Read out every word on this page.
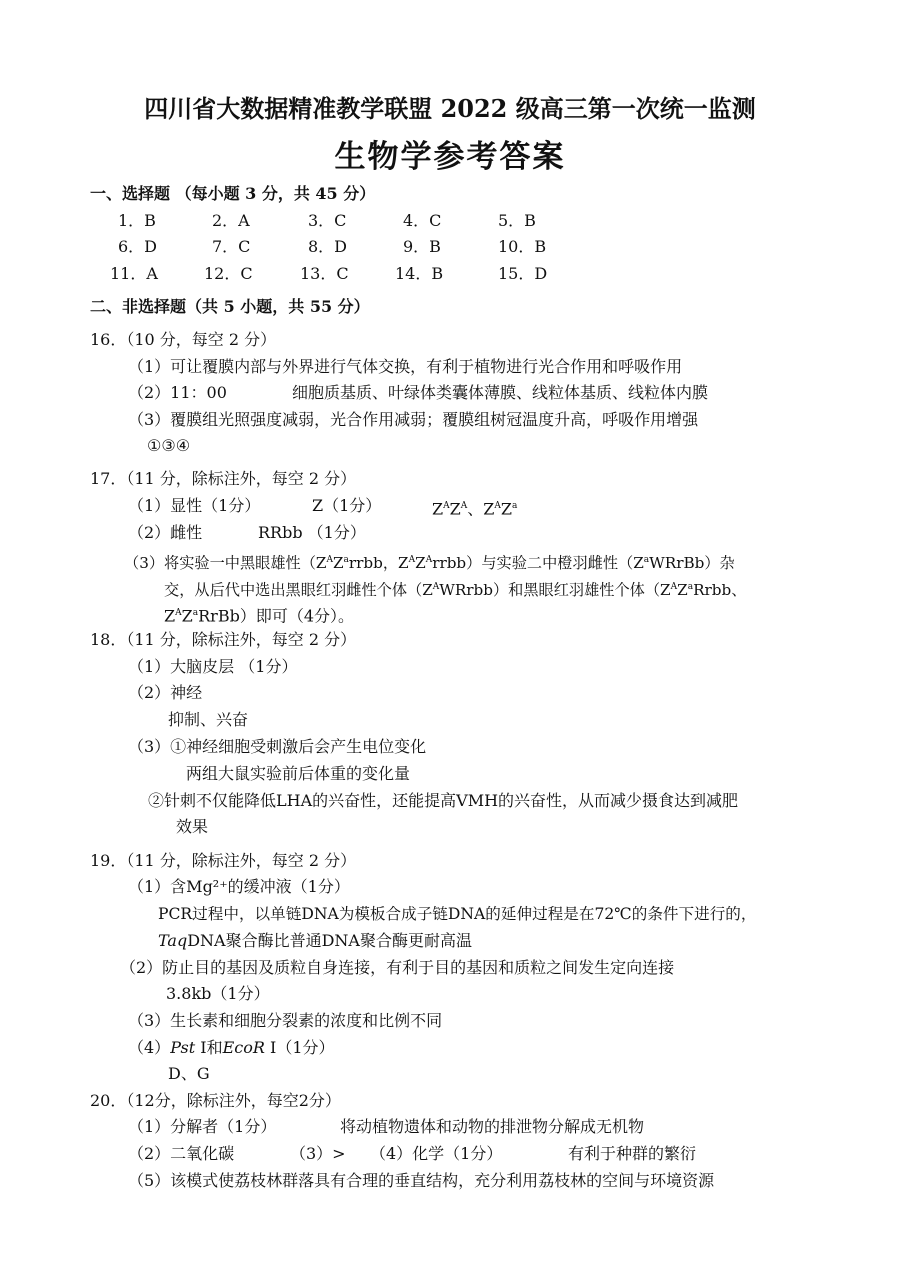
四川省大数据精准教学联盟 2022 级高三第一次统一监测
生物学参考答案
一、选择题 （每小题 3 分，共 45 分）
1．B	2．A	3．C	4．C	5．B
6．D	7．C	8．D	9．B	10．B
11．A	12．C	13．C	14．B	15．D
二、非选择题（共 5 小题，共 55 分）
16．（10 分，每空 2 分）
（1）可让覆膜内部与外界进行气体交换，有利于植物进行光合作用和呼吸作用
（2）11：00	细胞质基质、叶绿体类囊体薄膜、线粒体基质、线粒体内膜
（3）覆膜组光照强度减弱，光合作用减弱；覆膜组树冠温度升高，呼吸作用增强
①③④
17．（11 分，除标注外，每空 2 分）
（1）显性（1分）	Z（1分）	$Z^AZ^A$、$Z^AZ^a$
（2）雌性	RRbb （1分）
（3）将实验一中黑眼雄性（$Z^AZ^arrbb$，$Z^AZ^Arrbb$）与实验二中橙羽雌性$(Z^aWRrBb)$杂
交，从后代中选出黑眼红羽雌性个体$(Z^AWRrbb)$和黑眼红羽雄性个体（$Z^AZ^aRrbb$、
$Z^AZ^aRrBb$）即可（4分）。
18．（11 分，除标注外，每空 2 分）
（1）大脑皮层 （1分）
（2）神经
抑制、兴奋
（3）①神经细胞受刺激后会产生电位变化
两组大鼠实验前后体重的变化量
②针刺不仅能降低LHA的兴奋性，还能提高VMH的兴奋性，从而减少摄食达到减肥
效果
19．（11 分，除标注外，每空 2 分）
（1）含Mg²⁺的缓冲液（1分）
PCR过程中，以单链DNA为模板合成子链DNA的延伸过程是在72℃的条件下进行的，
TaqDNA聚合酶比普通DNA聚合酶更耐高温
（2）防止目的基因及质粒自身连接，有利于目的基因和质粒之间发生定向连接
3.8kb（1分）
（3）生长素和细胞分裂素的浓度和比例不同
（4）Pst Ⅰ和EcoR Ⅰ（1分）
D、G
20．（12分，除标注外，每空2分）
（1）分解者（1分）	将动植物遗体和动物的排泄物分解成无机物
（2）二氧化碳	（3）> （4）化学（1分）	有利于种群的繁衍
（5）该模式使荔枝林群落具有合理的垂直结构，充分利用荔枝林的空间与环境资源
